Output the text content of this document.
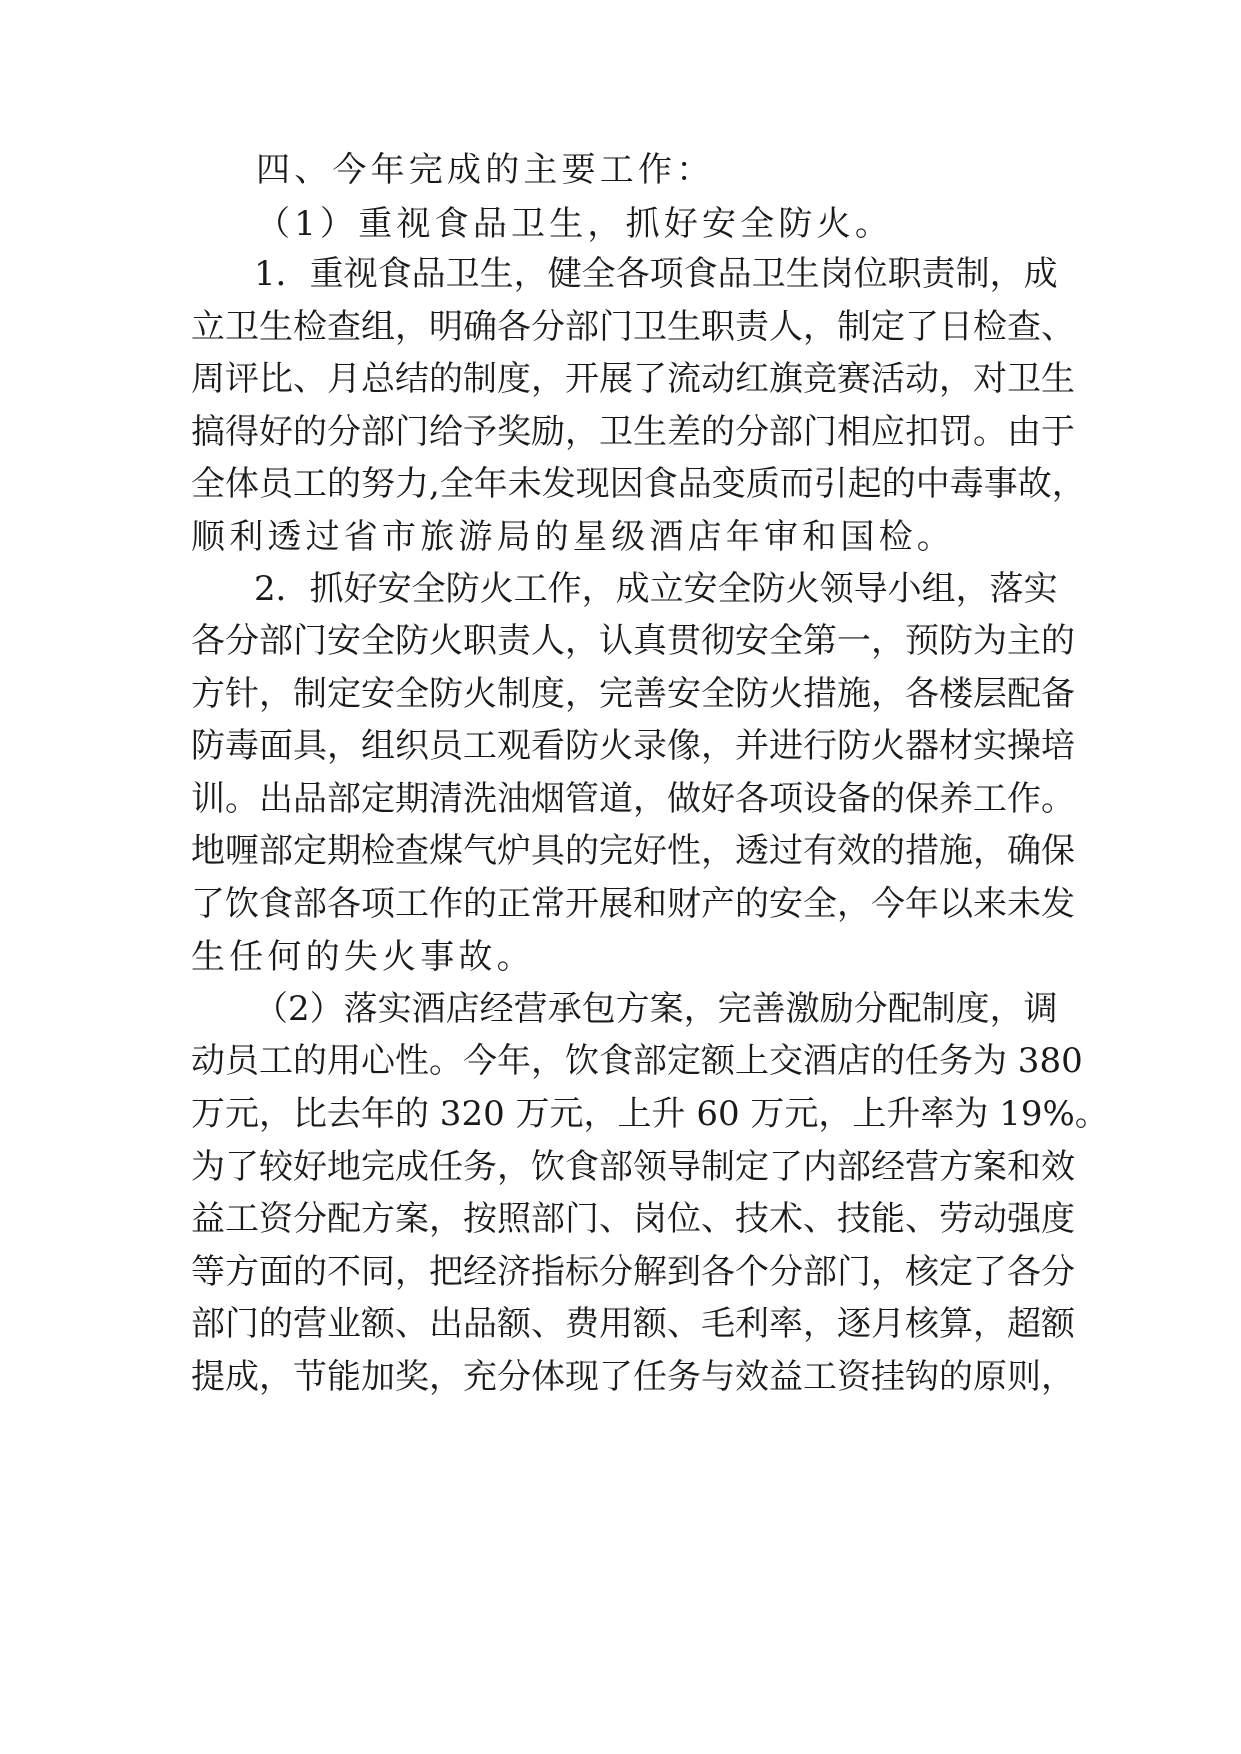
四、今年完成的主要工作：
（1）重视食品卫生，抓好安全防火。
1．重视食品卫生，健全各项食品卫生岗位职责制，成
立卫生检查组，明确各分部门卫生职责人，制定了日检查、
周评比、月总结的制度，开展了流动红旗竞赛活动，对卫生
搞得好的分部门给予奖励，卫生差的分部门相应扣罚。由于
全体员工的努力,全年未发现因食品变质而引起的中毒事故，
顺利透过省市旅游局的星级酒店年审和国检。
2．抓好安全防火工作，成立安全防火领导小组，落实
各分部门安全防火职责人，认真贯彻安全第一，预防为主的
方针，制定安全防火制度，完善安全防火措施，各楼层配备
防毒面具，组织员工观看防火录像，并进行防火器材实操培
训。出品部定期清洗油烟管道，做好各项设备的保养工作。
地喱部定期检查煤气炉具的完好性，透过有效的措施，确保
了饮食部各项工作的正常开展和财产的安全，今年以来未发
生任何的失火事故。
（2）落实酒店经营承包方案，完善激励分配制度，调
动员工的用心性。今年，饮食部定额上交酒店的任务为 380
万元，比去年的 320 万元，上升 60 万元，上升率为 19%。
为了较好地完成任务，饮食部领导制定了内部经营方案和效
益工资分配方案，按照部门、岗位、技术、技能、劳动强度
等方面的不同，把经济指标分解到各个分部门，核定了各分
部门的营业额、出品额、费用额、毛利率，逐月核算，超额
提成，节能加奖，充分体现了任务与效益工资挂钩的原则，
